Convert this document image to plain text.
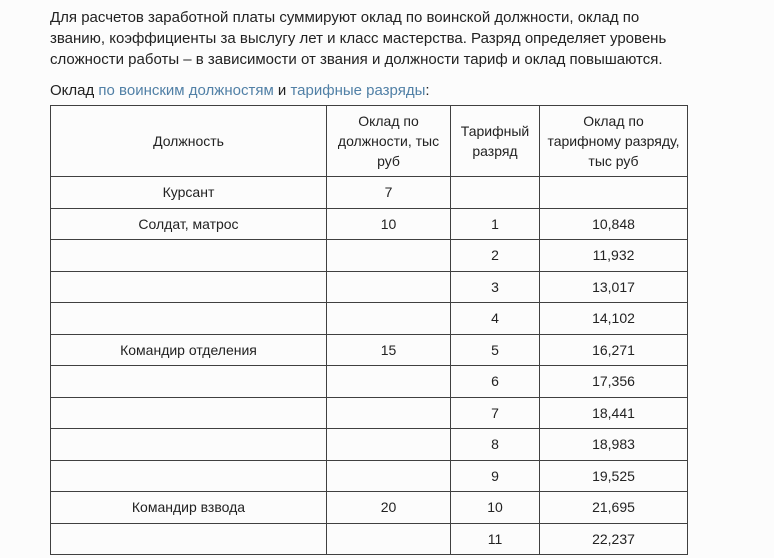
Для расчетов заработной платы суммируют оклад по воинской должности, оклад по званию, коэффициенты за выслугу лет и класс мастерства. Разряд определяет уровень сложности работы – в зависимости от звания и должности тариф и оклад повышаются.

Оклад по воинским должностям и тарифные разряды:

Должность	Оклад по должности, тыс руб	Тарифный разряд	Оклад по тарифному разряду, тыс руб
Курсант	7		
Солдат, матрос	10	1	10,848
		2	11,932
		3	13,017
		4	14,102
Командир отделения	15	5	16,271
		6	17,356
		7	18,441
		8	18,983
		9	19,525
Командир взвода	20	10	21,695
		11	22,237
